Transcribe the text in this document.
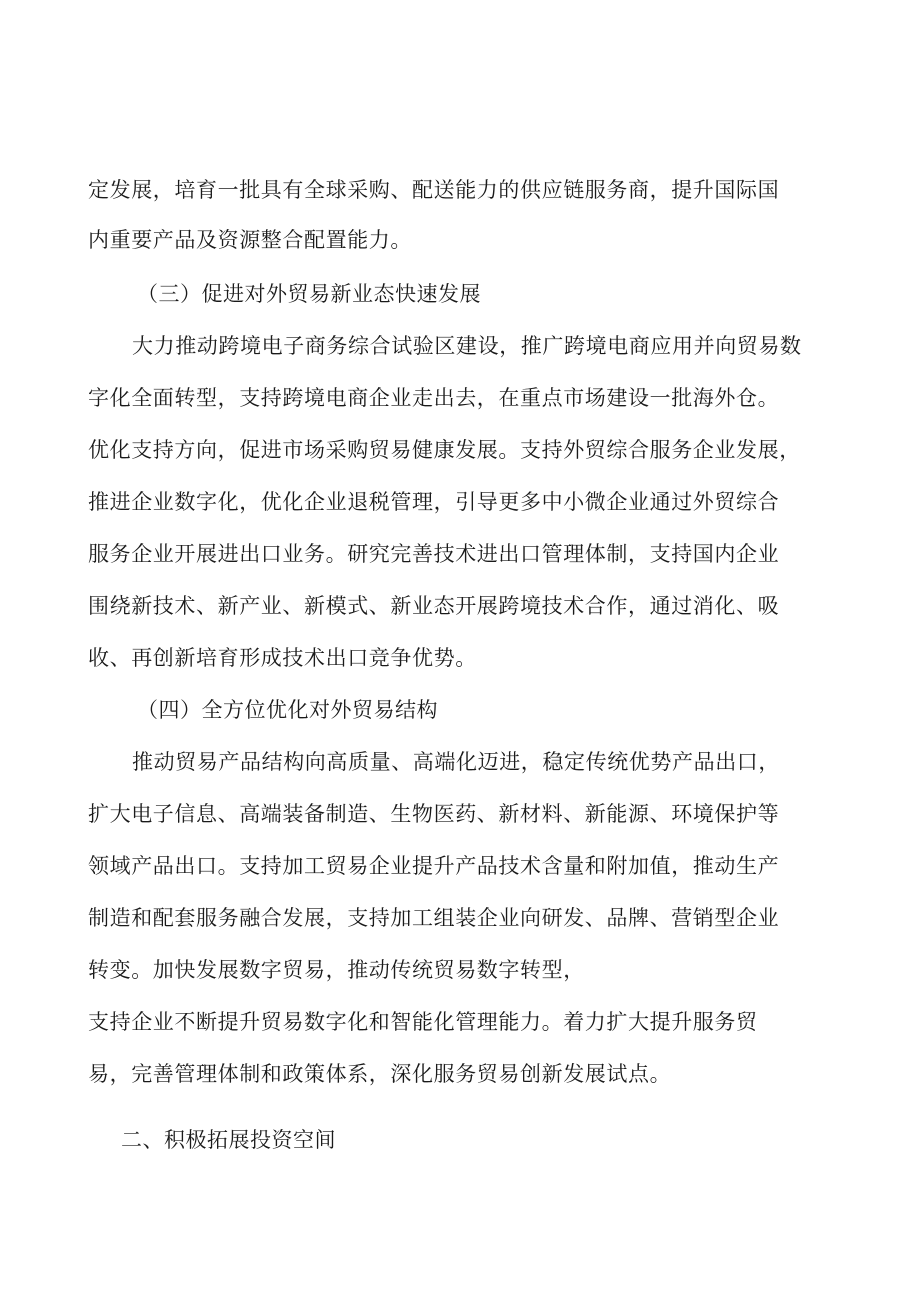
定发展，培育一批具有全球采购、配送能力的供应链服务商，提升国际国
内重要产品及资源整合配置能力。
（三）促进对外贸易新业态快速发展
大力推动跨境电子商务综合试验区建设，推广跨境电商应用并向贸易数
字化全面转型，支持跨境电商企业走出去，在重点市场建设一批海外仓。
优化支持方向，促进市场采购贸易健康发展。支持外贸综合服务企业发展，
推进企业数字化，优化企业退税管理，引导更多中小微企业通过外贸综合
服务企业开展进出口业务。研究完善技术进出口管理体制，支持国内企业
围绕新技术、新产业、新模式、新业态开展跨境技术合作，通过消化、吸
收、再创新培育形成技术出口竞争优势。
（四）全方位优化对外贸易结构
推动贸易产品结构向高质量、高端化迈进，稳定传统优势产品出口，
扩大电子信息、高端装备制造、生物医药、新材料、新能源、环境保护等
领域产品出口。支持加工贸易企业提升产品技术含量和附加值，推动生产
制造和配套服务融合发展，支持加工组装企业向研发、品牌、营销型企业
转变。加快发展数字贸易，推动传统贸易数字转型，
支持企业不断提升贸易数字化和智能化管理能力。着力扩大提升服务贸
易，完善管理体制和政策体系，深化服务贸易创新发展试点。
二、积极拓展投资空间
